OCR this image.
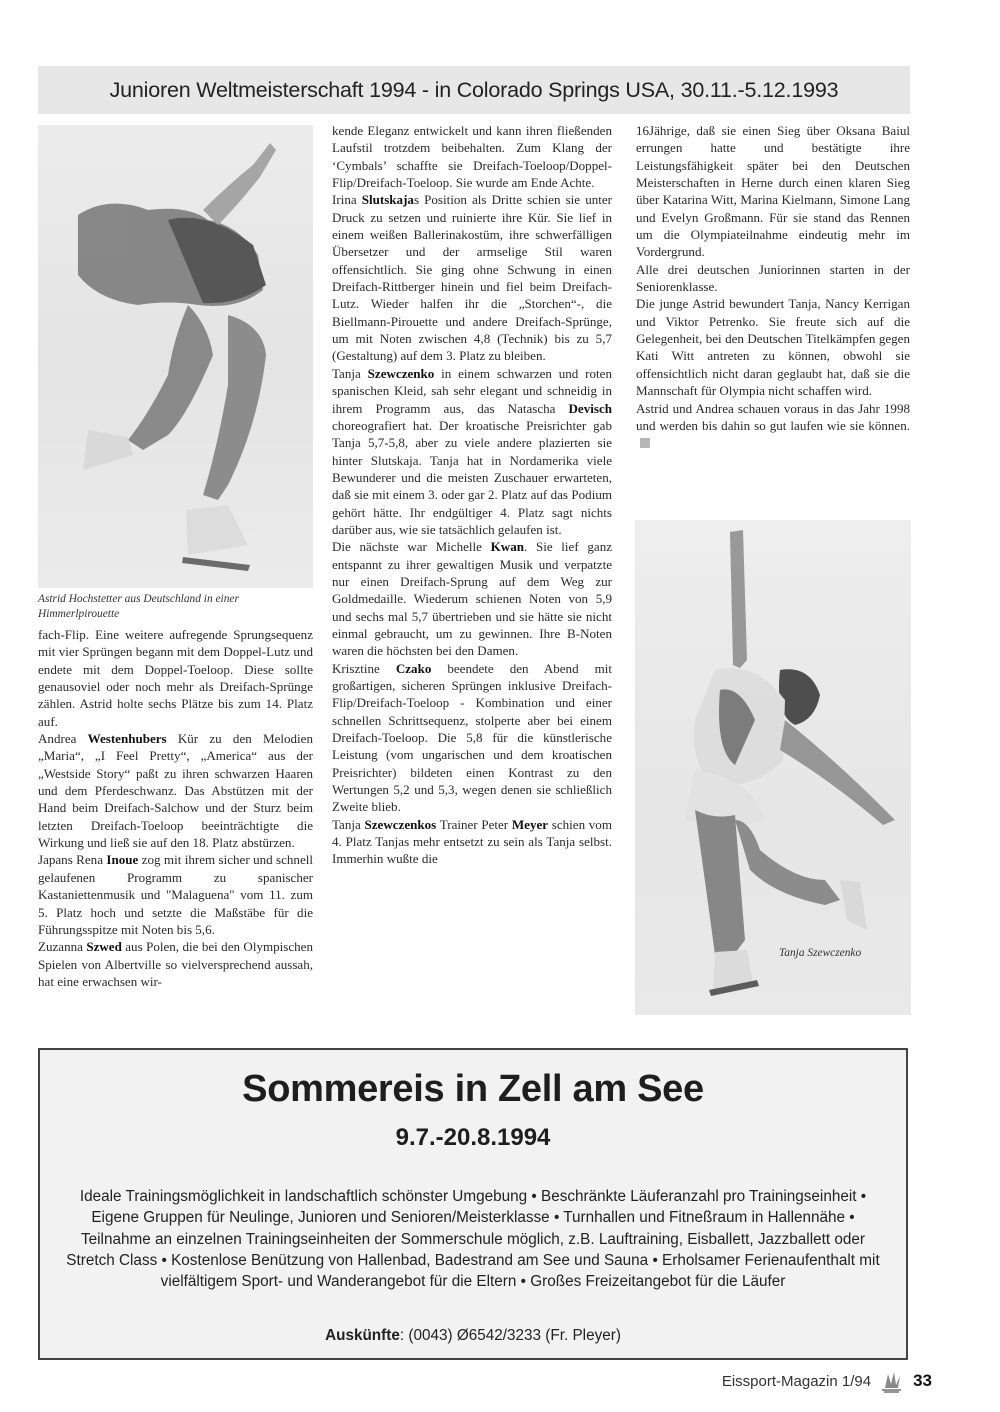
Junioren Weltmeisterschaft 1994 - in Colorado Springs USA, 30.11.-5.12.1993
Astrid Hochstetter aus Deutschland in einer Himmerlpirouette

fach-Flip. Eine weitere aufregende Sprungsequenz mit vier Sprüngen begann mit dem Doppel-Lutz und endete mit dem Doppel-Toeloop. Diese sollte genausoviel oder noch mehr als Dreifach-Sprünge zählen. Astrid holte sechs Plätze bis zum 14. Platz auf.

Andrea Westenhubers Kür zu den Melodien „Maria“, „I Feel Pretty“, „America“ aus der „Westside Story“ paßt zu ihren schwarzen Haaren und dem Pferdeschwanz. Das Abstützen mit der Hand beim Dreifach-Salchow und der Sturz beim letzten Dreifach-Toeloop beeinträchtigte die Wirkung und ließ sie auf den 18. Platz abstürzen.

Japans Rena Inoue zog mit ihrem sicher und schnell gelaufenen Programm zu spanischer Kastaniettenmusik und "Malaguena" vom 11. zum 5. Platz hoch und setzte die Maßstäbe für die Führungsspitze mit Noten bis 5,6.

Zuzanna Szwed aus Polen, die bei den Olympischen Spielen von Albertville so vielversprechend aussah, hat eine erwachsen wir-

kende Eleganz entwickelt und kann ihren fließenden Laufstil trotzdem beibehalten. Zum Klang der ‘Cymbals’ schaffte sie Dreifach-Toeloop/Doppel-Flip/Dreifach-Toeloop. Sie wurde am Ende Achte.

Irina Slutskajas Position als Dritte schien sie unter Druck zu setzen und ruinierte ihre Kür. Sie lief in einem weißen Ballerinakostüm, ihre schwerfälligen Übersetzer und der armselige Stil waren offensichtlich. Sie ging ohne Schwung in einen Dreifach-Rittberger hinein und fiel beim Dreifach-Lutz. Wieder halfen ihr die „Storchen“-, die Biellmann-Pirouette und andere Dreifach-Sprünge, um mit Noten zwischen 4,8 (Technik) bis zu 5,7 (Gestaltung) auf dem 3. Platz zu bleiben.

Tanja Szewczenko in einem schwarzen und roten spanischen Kleid, sah sehr elegant und schneidig in ihrem Programm aus, das Natascha Devisch choreografiert hat. Der kroatische Preisrichter gab Tanja 5,7-5,8, aber zu viele andere plazierten sie hinter Slutskaja. Tanja hat in Nordamerika viele Bewunderer und die meisten Zuschauer erwarteten, daß sie mit einem 3. oder gar 2. Platz auf das Podium gehört hätte. Ihr endgültiger 4. Platz sagt nichts darüber aus, wie sie tatsächlich gelaufen ist.

Die nächste war Michelle Kwan. Sie lief ganz entspannt zu ihrer gewaltigen Musik und verpatzte nur einen Dreifach-Sprung auf dem Weg zur Goldmedaille. Wiederum schienen Noten von 5,9 und sechs mal 5,7 übertrieben und sie hätte sie nicht einmal gebraucht, um zu gewinnen. Ihre B-Noten waren die höchsten bei den Damen.

Krisztine Czako beendete den Abend mit großartigen, sicheren Sprüngen inklusive Dreifach-Flip/Dreifach-Toeloop - Kombination und einer schnellen Schrittsequenz, stolperte aber bei einem Dreifach-Toeloop. Die 5,8 für die künstlerische Leistung (vom ungarischen und dem kroatischen Preisrichter) bildeten einen Kontrast zu den Wertungen 5,2 und 5,3, wegen denen sie schließlich Zweite blieb.

Tanja Szewczenkos Trainer Peter Meyer schien vom 4. Platz Tanjas mehr entsetzt zu sein als Tanja selbst. Immerhin wußte die

16Jährige, daß sie einen Sieg über Oksana Baiul errungen hatte und bestätigte ihre Leistungsfähigkeit später bei den Deutschen Meisterschaften in Herne durch einen klaren Sieg über Katarina Witt, Marina Kielmann, Simone Lang und Evelyn Großmann. Für sie stand das Rennen um die Olympiateilnahme eindeutig mehr im Vordergrund.

Alle drei deutschen Juniorinnen starten in der Seniorenklasse.

Die junge Astrid bewundert Tanja, Nancy Kerrigan und Viktor Petrenko. Sie freute sich auf die Gelegenheit, bei den Deutschen Titelkämpfen gegen Kati Witt antreten zu können, obwohl sie offensichtlich nicht daran geglaubt hat, daß sie die Mannschaft für Olympia nicht schaffen wird.

Astrid und Andrea schauen voraus in das Jahr 1998 und werden bis dahin so gut laufen wie sie können.

Tanja Szewczenko
Sommereis in Zell am See
9.7.-20.8.1994
Ideale Trainingsmöglichkeit in landschaftlich schönster Umgebung • Beschränkte Läuferanzahl pro Trainingseinheit • Eigene Gruppen für Neulinge, Junioren und Senioren/Meisterklasse • Turnhallen und Fitneßraum in Hallennähe • Teilnahme an einzelnen Trainingseinheiten der Sommerschule möglich, z.B. Lauftraining, Eisballett, Jazzballett oder Stretch Class • Kostenlose Benützung von Hallenbad, Badestrand am See und Sauna • Erholsamer Ferienaufenthalt mit vielfältigem Sport- und Wanderangebot für die Eltern • Großes Freizeitangebot für die Läufer
Auskünfte: (0043) Ø6542/3233 (Fr. Pleyer)
Eissport-Magazin 1/94 33
